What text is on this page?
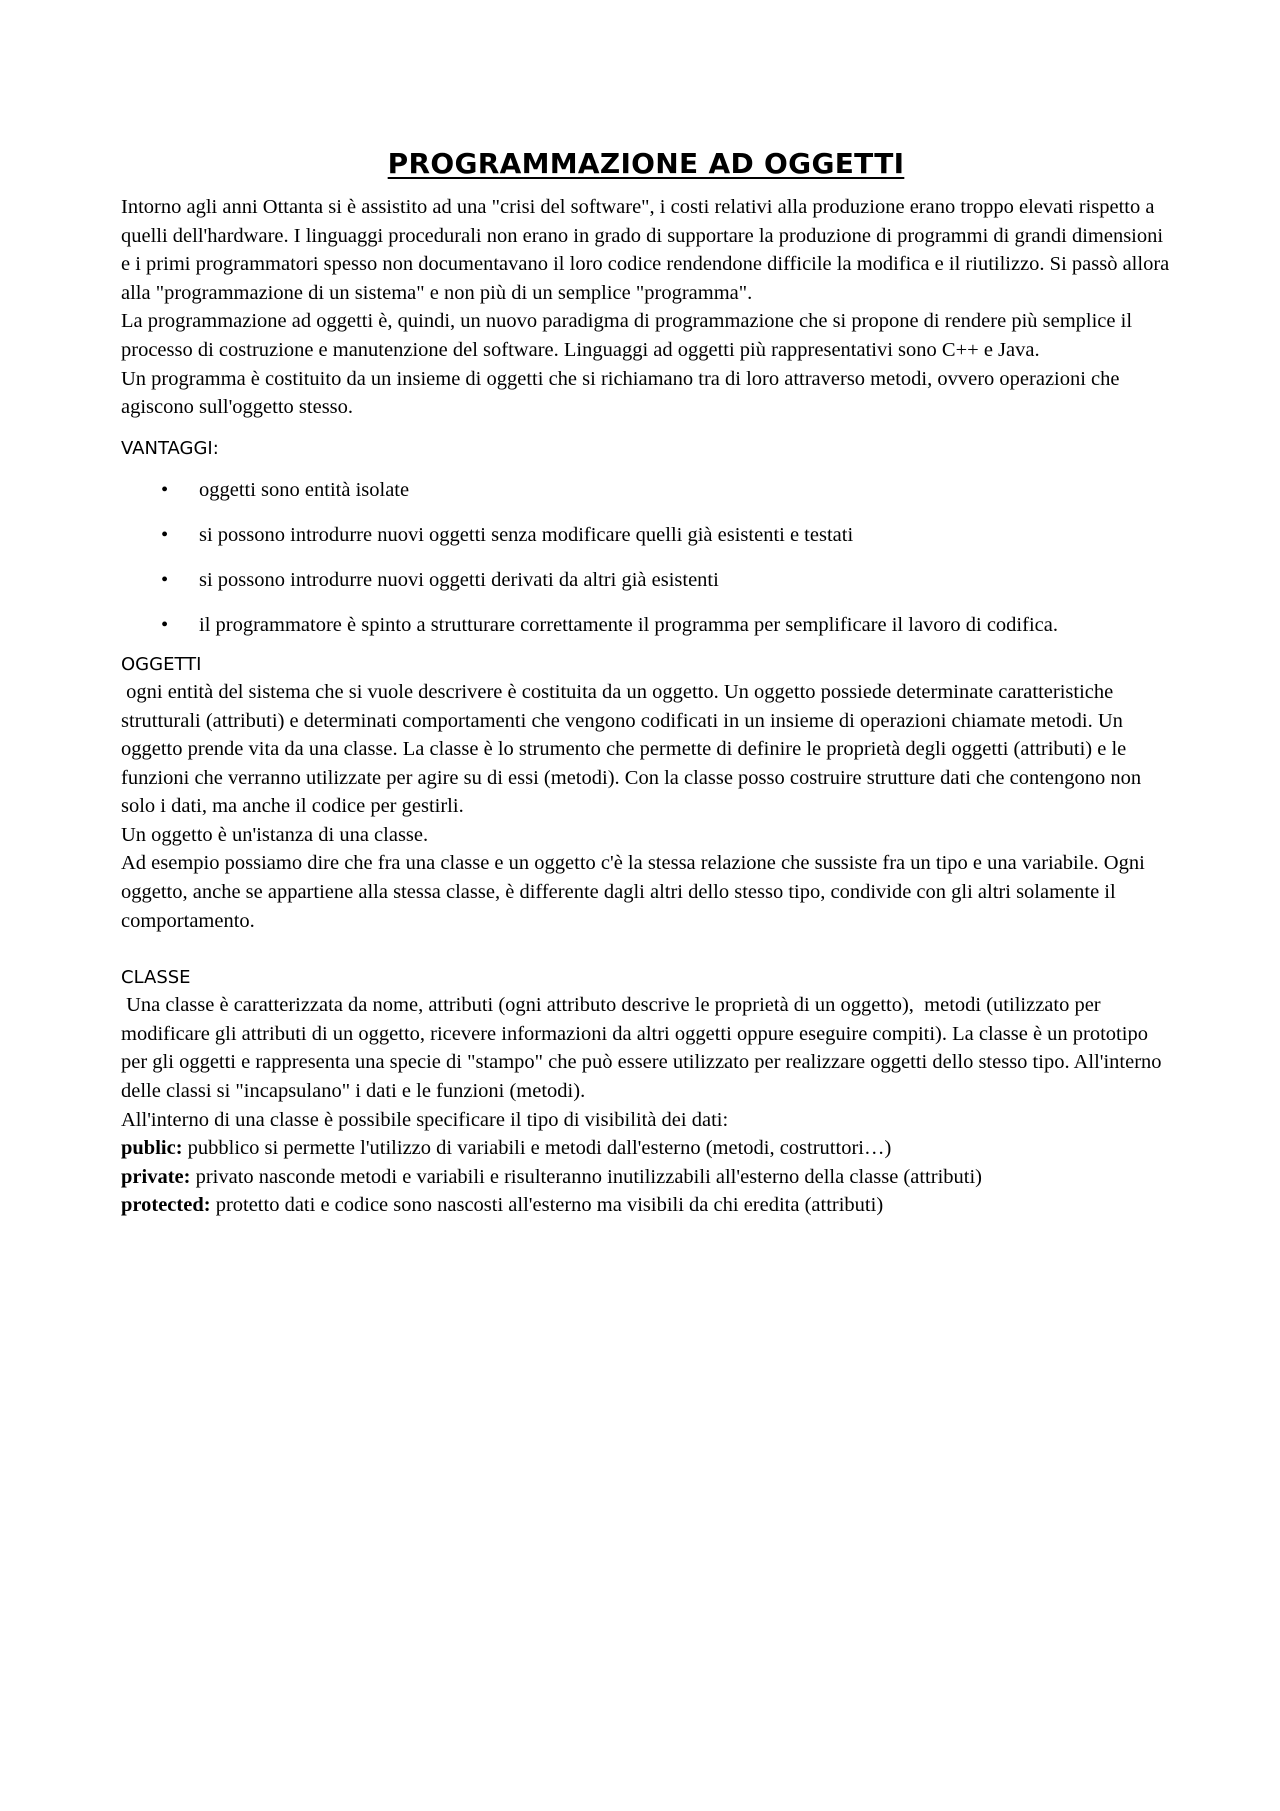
PROGRAMMAZIONE AD OGGETTI

Intorno agli anni Ottanta si è assistito ad una "crisi del software", i costi relativi alla produzione erano troppo elevati rispetto a quelli dell'hardware. I linguaggi procedurali non erano in grado di supportare la produzione di programmi di grandi dimensioni e i primi programmatori spesso non documentavano il loro codice rendendone difficile la modifica e il riutilizzo. Si passò allora alla "programmazione di un sistema" e non più di un semplice "programma".

La programmazione ad oggetti è, quindi, un nuovo paradigma di programmazione che si propone di rendere più semplice il processo di costruzione e manutenzione del software. Linguaggi ad oggetti più rappresentativi sono C++ e Java.

Un programma è costituito da un insieme di oggetti che si richiamano tra di loro attraverso metodi, ovvero operazioni che agiscono sull'oggetto stesso.

VANTAGGI:

• oggetti sono entità isolate
• si possono introdurre nuovi oggetti senza modificare quelli già esistenti e testati
• si possono introdurre nuovi oggetti derivati da altri già esistenti
• il programmatore è spinto a strutturare correttamente il programma per semplificare il lavoro di codifica.

OGGETTI

ogni entità del sistema che si vuole descrivere è costituita da un oggetto. Un oggetto possiede determinate caratteristiche strutturali (attributi) e determinati comportamenti che vengono codificati in un insieme di operazioni chiamate metodi. Un oggetto prende vita da una classe. La classe è lo strumento che permette di definire le proprietà degli oggetti (attributi) e le funzioni che verranno utilizzate per agire su di essi (metodi). Con la classe posso costruire strutture dati che contengono non solo i dati, ma anche il codice per gestirli.

Un oggetto è un'istanza di una classe.

Ad esempio possiamo dire che fra una classe e un oggetto c'è la stessa relazione che sussiste fra un tipo e una variabile. Ogni oggetto, anche se appartiene alla stessa classe, è differente dagli altri dello stesso tipo, condivide con gli altri solamente il comportamento.

CLASSE

Una classe è caratterizzata da nome, attributi (ogni attributo descrive le proprietà di un oggetto),  metodi (utilizzato per modificare gli attributi di un oggetto, ricevere informazioni da altri oggetti oppure eseguire compiti). La classe è un prototipo per gli oggetti e rappresenta una specie di "stampo" che può essere utilizzato per realizzare oggetti dello stesso tipo. All'interno delle classi si "incapsulano" i dati e le funzioni (metodi).

All'interno di una classe è possibile specificare il tipo di visibilità dei dati:

public: pubblico si permette l'utilizzo di variabili e metodi dall'esterno (metodi, costruttori…)

private: privato nasconde metodi e variabili e risulteranno inutilizzabili all'esterno della classe (attributi)

protected: protetto dati e codice sono nascosti all'esterno ma visibili da chi eredita (attributi)
